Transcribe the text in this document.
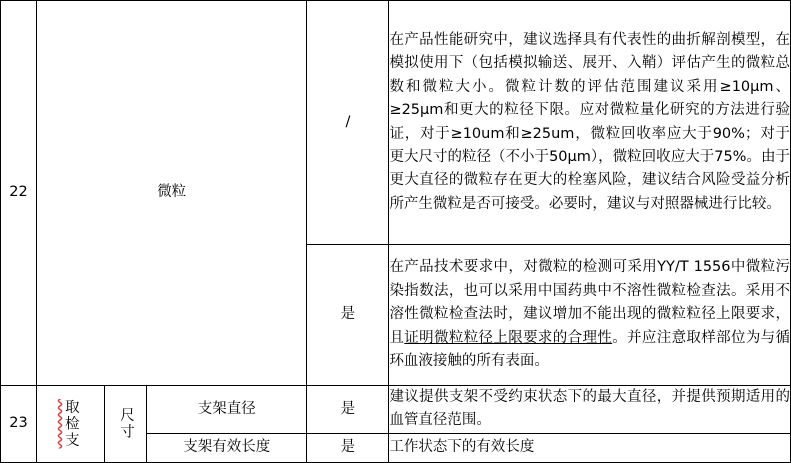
22	微粒			/	在产品性能研究中，建议选择具有代表性的曲折解剖模型，在模拟使用下（包括模拟输送、展开、入鞘）评估产生的微粒总数和微粒大小。微粒计数的评估范围建议采用≥10μm、≥25μm和更大的粒径下限。应对微粒量化研究的方法进行验证，对于≥10um和≥25um，微粒回收率应大于90%；对于更大尺寸的粒径（不小于50μm），微粒回收应大于75%。由于更大直径的微粒存在更大的栓塞风险，建议结合风险受益分析所产生微粒是否可接受。必要时，建议与对照器械进行比较。
				是	在产品技术要求中，对微粒的检测可采用YY/T 1556中微粒污染指数法，也可以采用中国药典中不溶性微粒检查法。采用不溶性微粒检查法时，建议增加不能出现的微粒粒径上限要求，且证明微粒粒径上限要求的合理性。并应注意取样部位为与循环血液接触的所有表面。
23	取检支	尺寸	支架直径	是	建议提供支架不受约束状态下的最大直径，并提供预期适用的血管直径范围。
			支架有效长度	是	工作状态下的有效长度
